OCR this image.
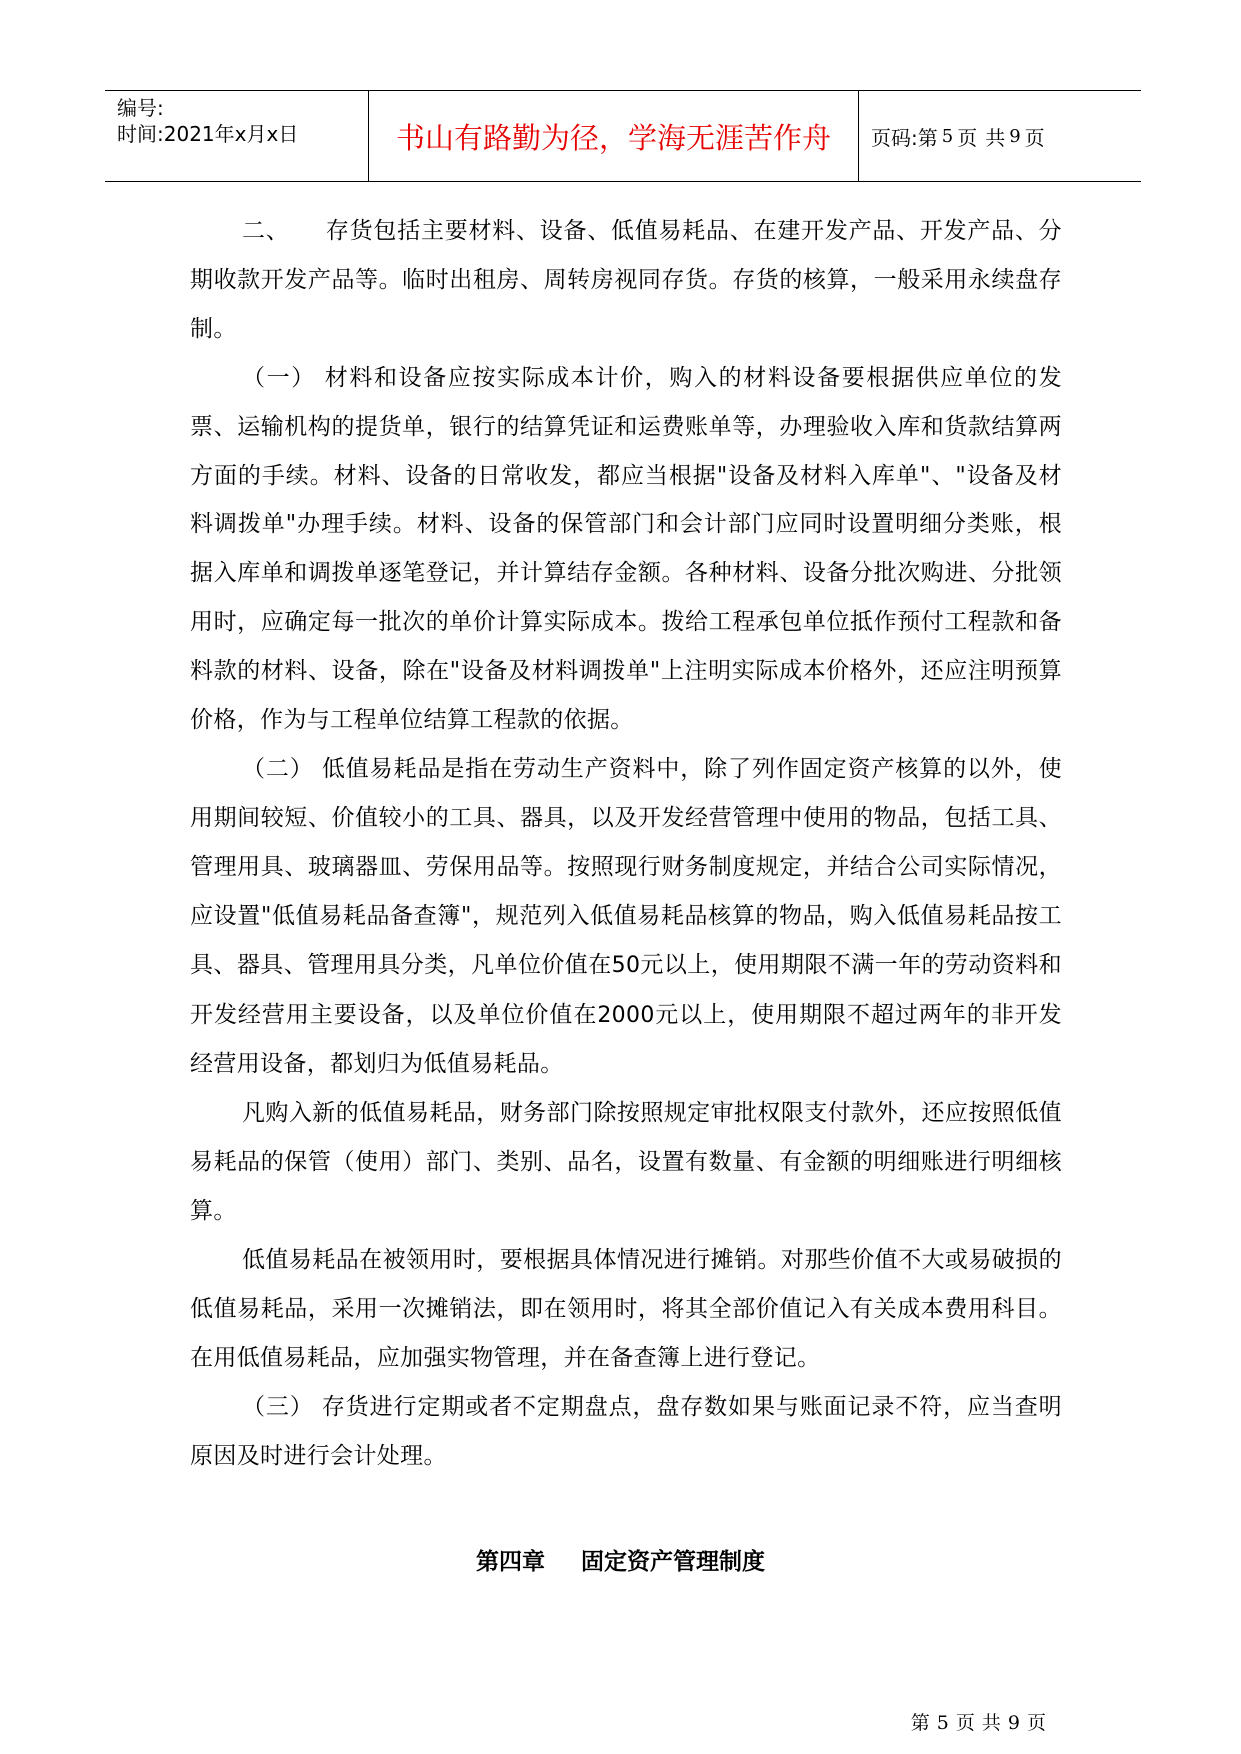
编号:
时间:2021年x月x日	书山有路勤为径，学海无涯苦作舟	页码: 第 5 页 共 9 页

二、 存货包括主要材料、设备、低值易耗品、在建开发产品、开发产品、分期收款开发产品等。临时出租房、周转房视同存货。存货的核算，一般采用永续盘存制。

（一） 材料和设备应按实际成本计价，购入的材料设备要根据供应单位的发票、运输机构的提货单，银行的结算凭证和运费账单等，办理验收入库和货款结算两方面的手续。材料、设备的日常收发，都应当根据"设备及材料入库单"、"设备及材料调拨单"办理手续。材料、设备的保管部门和会计部门应同时设置明细分类账，根据入库单和调拨单逐笔登记，并计算结存金额。各种材料、设备分批次购进、分批领用时，应确定每一批次的单价计算实际成本。拨给工程承包单位抵作预付工程款和备料款的材料、设备，除在"设备及材料调拨单"上注明实际成本价格外，还应注明预算价格，作为与工程单位结算工程款的依据。

（二） 低值易耗品是指在劳动生产资料中，除了列作固定资产核算的以外，使用期间较短、价值较小的工具、器具，以及开发经营管理中使用的物品，包括工具、管理用具、玻璃器皿、劳保用品等。按照现行财务制度规定，并结合公司实际情况，应设置"低值易耗品备查簿"，规范列入低值易耗品核算的物品，购入低值易耗品按工具、器具、管理用具分类，凡单位价值在50元以上，使用期限不满一年的劳动资料和开发经营用主要设备，以及单位价值在2000元以上，使用期限不超过两年的非开发经营用设备，都划归为低值易耗品。

凡购入新的低值易耗品，财务部门除按照规定审批权限支付款外，还应按照低值易耗品的保管（使用）部门、类别、品名，设置有数量、有金额的明细账进行明细核算。

低值易耗品在被领用时，要根据具体情况进行摊销。对那些价值不大或易破损的低值易耗品，采用一次摊销法，即在领用时，将其全部价值记入有关成本费用科目。在用低值易耗品，应加强实物管理，并在备查簿上进行登记。

（三） 存货进行定期或者不定期盘点，盘存数如果与账面记录不符，应当查明原因及时进行会计处理。

第四章 固定资产管理制度
第 5 页 共 9 页
